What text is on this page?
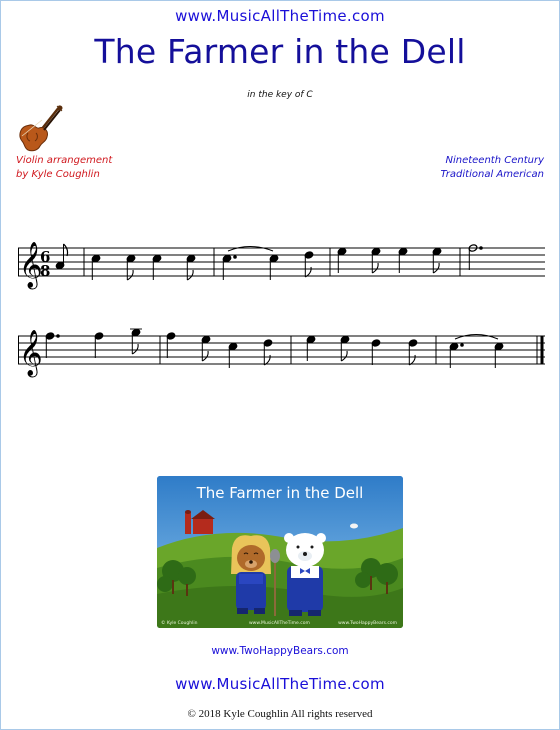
www.MusicAllTheTime.com
The Farmer in the Dell
in the key of C
Violin arrangement
by Kyle Coughlin
Nineteenth Century
Traditional American
𝄞
6
8
𝄞
The Farmer in the Dell
© Kyle Coughlin	www.MusicAllTheTime.com	www.TwoHappyBears.com
www.TwoHappyBears.com
www.MusicAllTheTime.com
© 2018 Kyle Coughlin All rights reserved
